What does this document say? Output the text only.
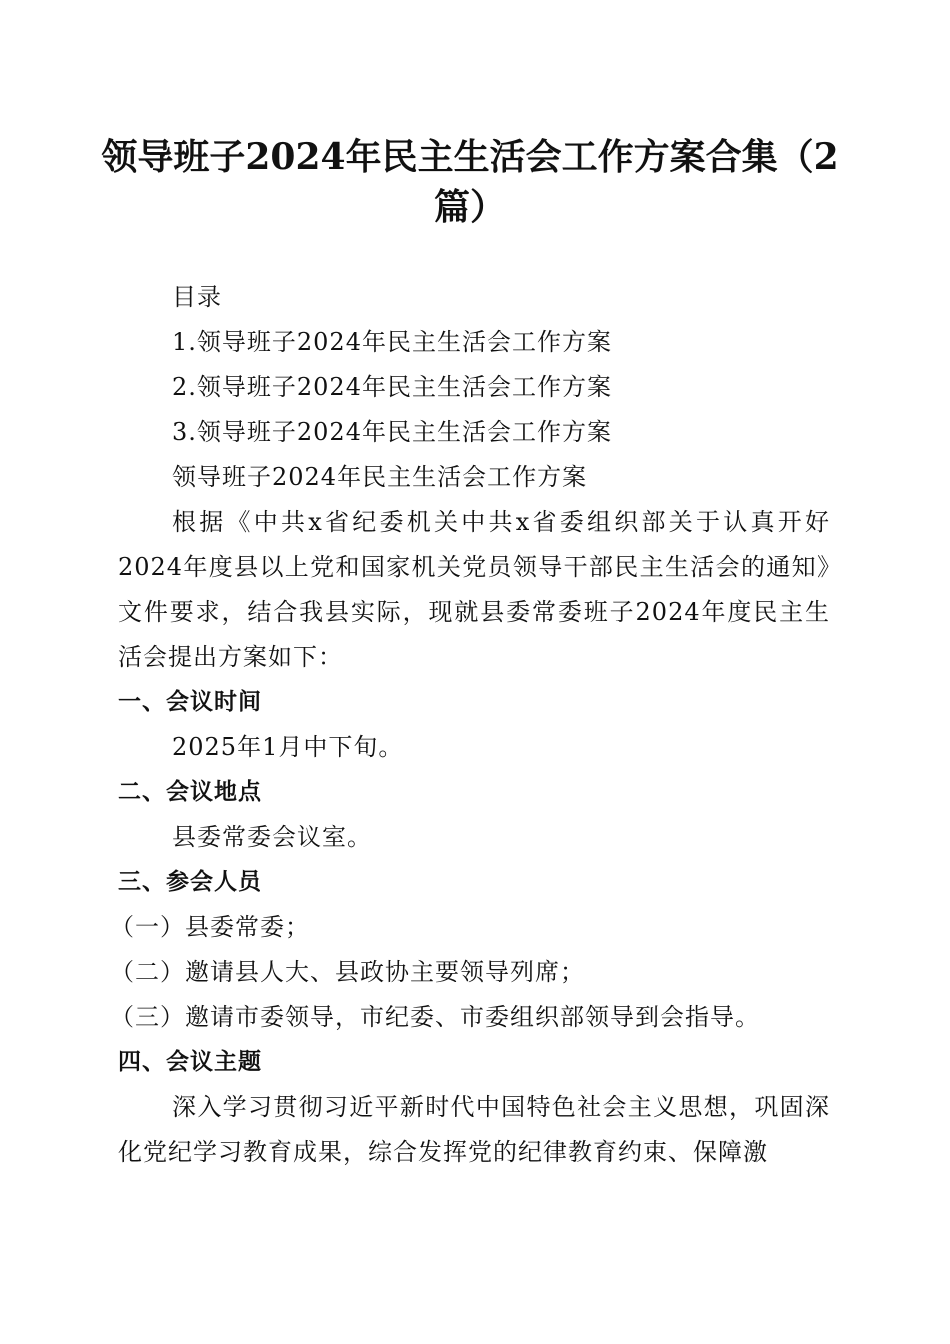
领导班子2024年民主生活会工作方案合集（2篇）

目录

1.领导班子2024年民主生活会工作方案

2.领导班子2024年民主生活会工作方案

3.领导班子2024年民主生活会工作方案

领导班子2024年民主生活会工作方案

根据《中共x省纪委机关中共x省委组织部关于认真开好2024年度县以上党和国家机关党员领导干部民主生活会的通知》文件要求，结合我县实际，现就县委常委班子2024年度民主生活会提出方案如下：

一、会议时间

2025年1月中下旬。

二、会议地点

县委常委会议室。

三、参会人员

（一）县委常委；

（二）邀请县人大、县政协主要领导列席；

（三）邀请市委领导，市纪委、市委组织部领导到会指导。

四、会议主题

深入学习贯彻习近平新时代中国特色社会主义思想，巩固深化党纪学习教育成果，综合发挥党的纪律教育约束、保障激
